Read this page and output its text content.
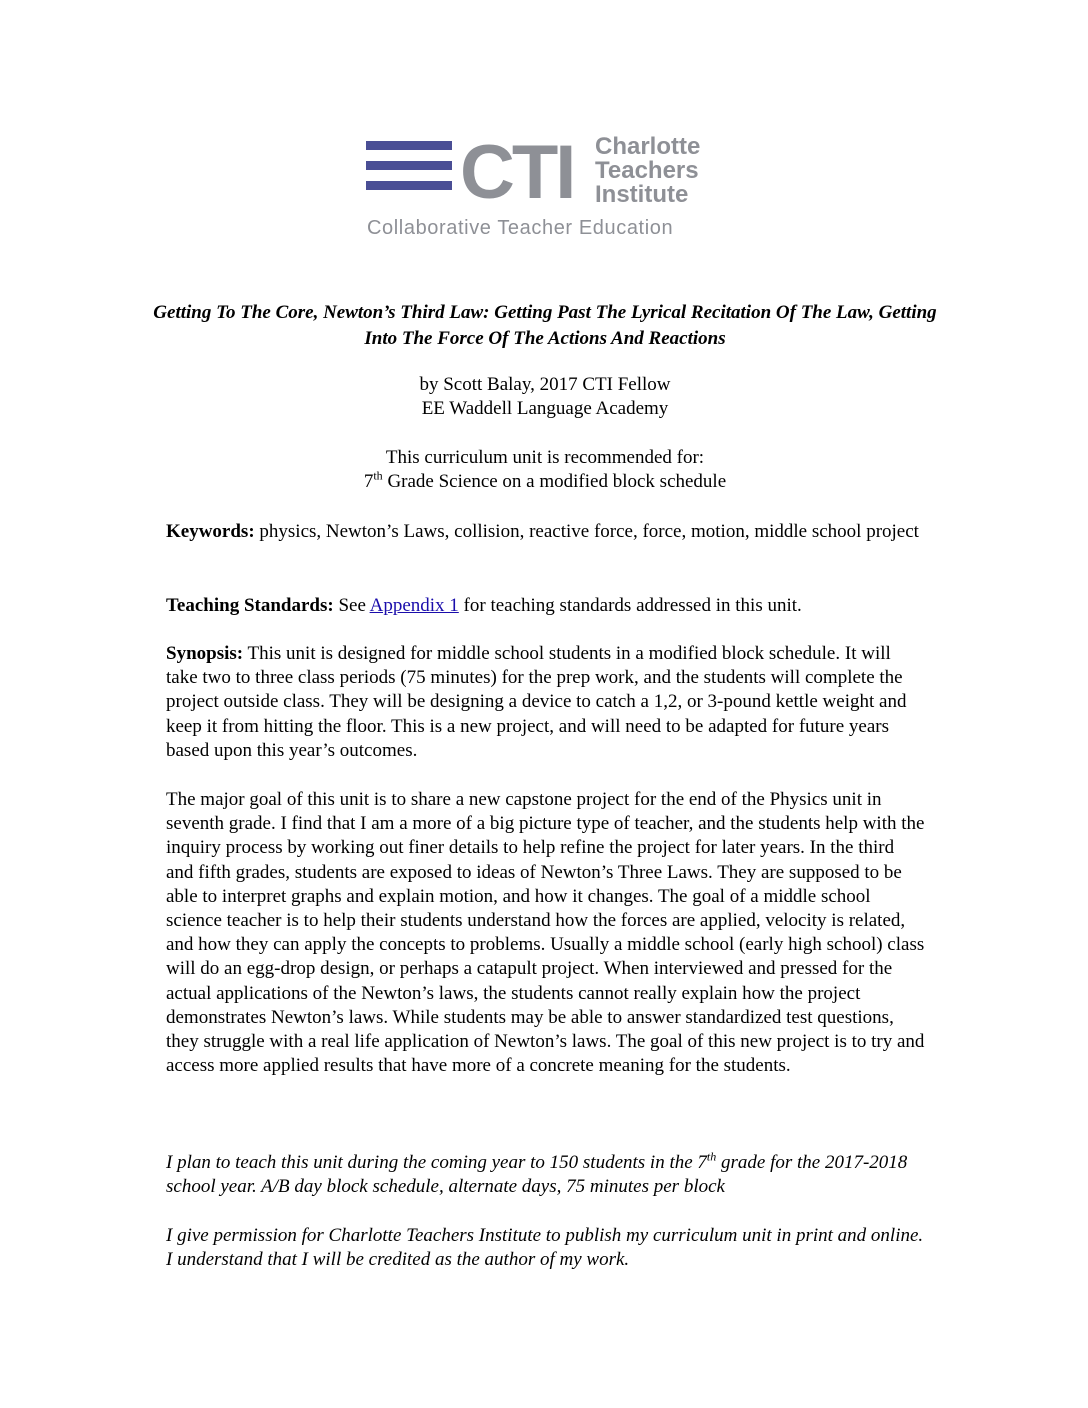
CTI Charlotte
Teachers
Institute
Collaborative Teacher Education
Getting To The Core, Newton’s Third Law: Getting Past The Lyrical Recitation Of The Law, Getting Into The Force Of The Actions And Reactions
by Scott Balay, 2017 CTI Fellow
EE Waddell Language Academy
This curriculum unit is recommended for:
7th Grade Science on a modified block schedule
Keywords: physics, Newton’s Laws, collision, reactive force, force, motion, middle school project
Teaching Standards: See Appendix 1 for teaching standards addressed in this unit.
Synopsis: This unit is designed for middle school students in a modified block schedule. It will take two to three class periods (75 minutes) for the prep work, and the students will complete the project outside class. They will be designing a device to catch a 1,2, or 3-pound kettle weight and keep it from hitting the floor. This is a new project, and will need to be adapted for future years based upon this year’s outcomes.
The major goal of this unit is to share a new capstone project for the end of the Physics unit in seventh grade. I find that I am a more of a big picture type of teacher, and the students help with the inquiry process by working out finer details to help refine the project for later years. In the third and fifth grades, students are exposed to ideas of Newton’s Three Laws. They are supposed to be able to interpret graphs and explain motion, and how it changes. The goal of a middle school science teacher is to help their students understand how the forces are applied, velocity is related, and how they can apply the concepts to problems. Usually a middle school (early high school) class will do an egg-drop design, or perhaps a catapult project. When interviewed and pressed for the actual applications of the Newton’s laws, the students cannot really explain how the project demonstrates Newton’s laws. While students may be able to answer standardized test questions, they struggle with a real life application of Newton’s laws. The goal of this new project is to try and access more applied results that have more of a concrete meaning for the students.
I plan to teach this unit during the coming year to 150 students in the 7th grade for the 2017-2018 school year. A/B day block schedule, alternate days, 75 minutes per block
I give permission for Charlotte Teachers Institute to publish my curriculum unit in print and online. I understand that I will be credited as the author of my work.
